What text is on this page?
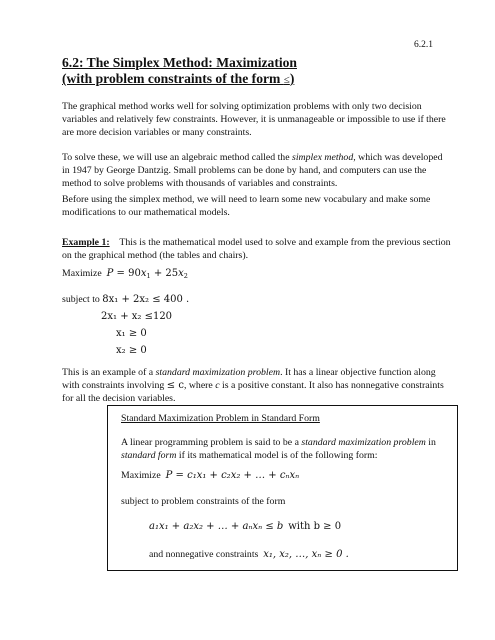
6.2.1
6.2: The Simplex Method: Maximization
(with problem constraints of the form ≤)
The graphical method works well for solving optimization problems with only two decision variables and relatively few constraints. However, it is unmanageable or impossible to use if there are more decision variables or many constraints.
To solve these, we will use an algebraic method called the simplex method, which was developed in 1947 by George Dantzig. Small problems can be done by hand, and computers can use the method to solve problems with thousands of variables and constraints.
Before using the simplex method, we will need to learn some new vocabulary and make some modifications to our mathematical models.
Example 1: This is the mathematical model used to solve and example from the previous section on the graphical method (the tables and chairs).
Maximize $P = 90x_1 + 25x_2$
subject to 8x₁ + 2x₂ ≤ 400 .
2x₁ + x₂ ≤120
x₁ ≥ 0
x₂ ≥ 0
This is an example of a standard maximization problem. It has a linear objective function along with constraints involving ≤ c, where c is a positive constant. It also has nonnegative constraints for all the decision variables.
Standard Maximization Problem in Standard Form
A linear programming problem is said to be a standard maximization problem in standard form if its mathematical model is of the following form:
Maximize P = c₁x₁ + c₂x₂ + … + cₙxₙ
subject to problem constraints of the form
a₁x₁ + a₂x₂ + … + aₙxₙ ≤ b with b ≥ 0
and nonnegative constraints x₁, x₂, …, xₙ ≥ 0 .
